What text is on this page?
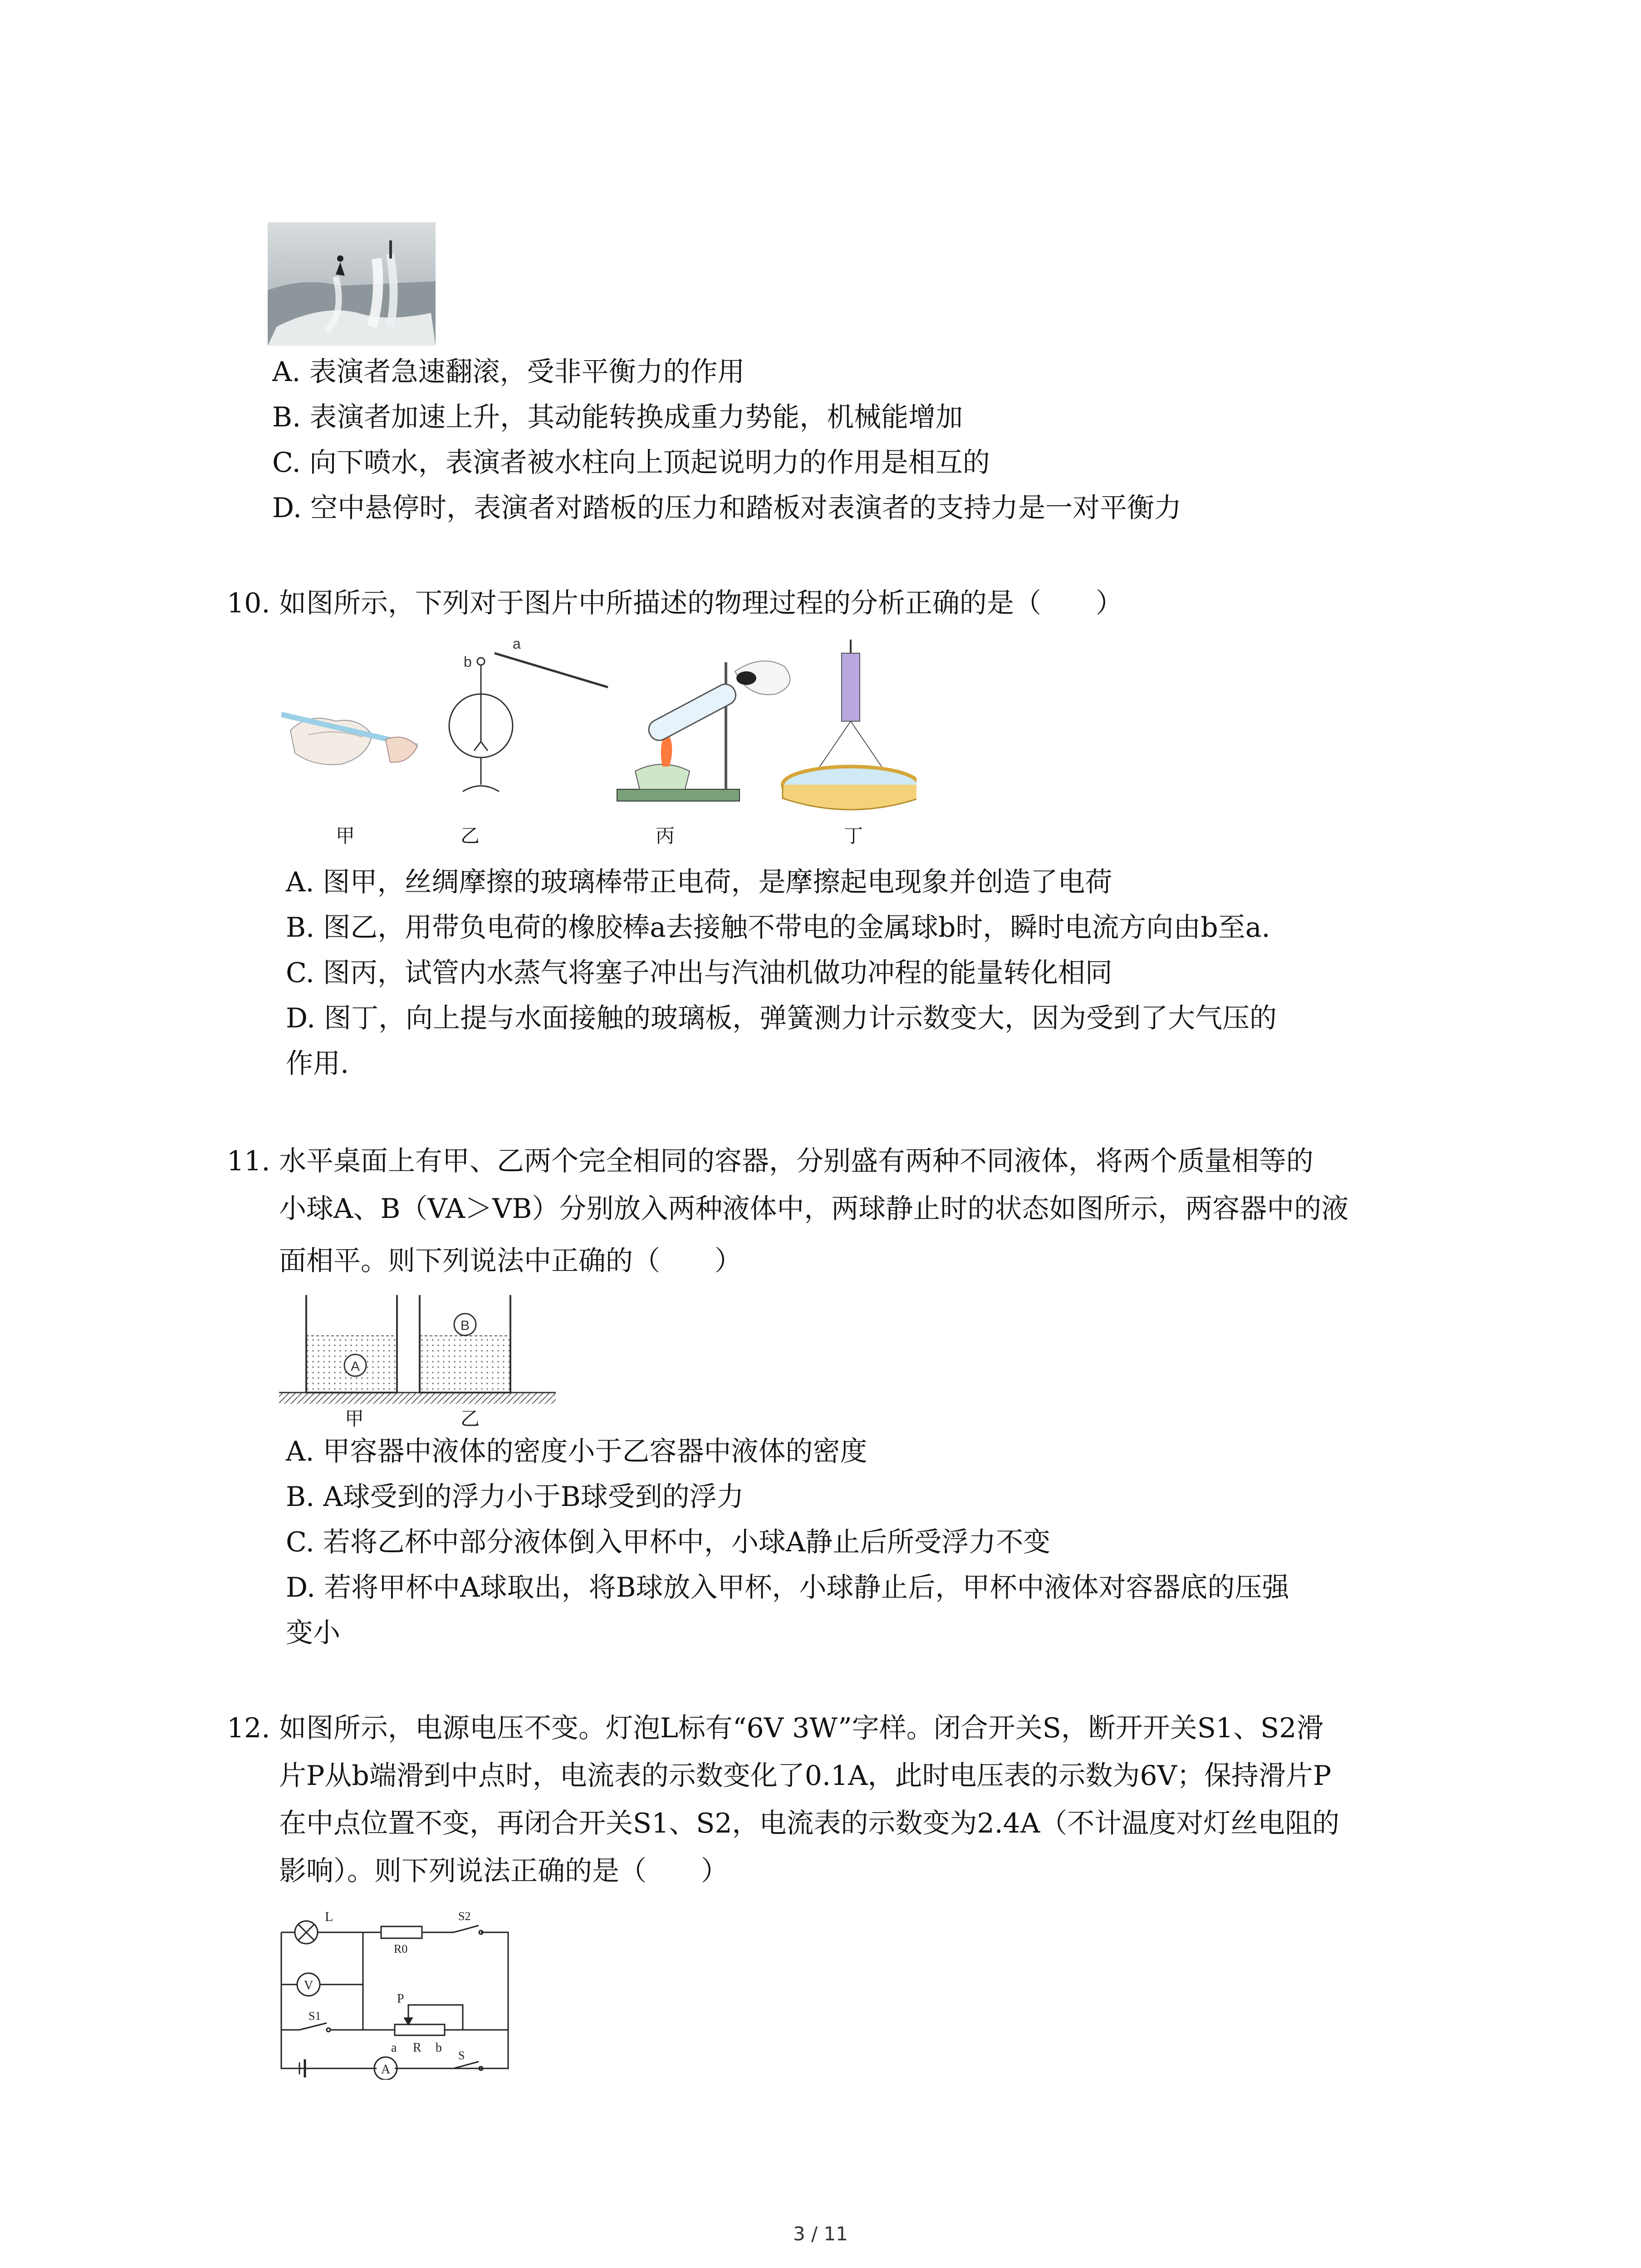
A. 表演者急速翻滚，受非平衡力的作用
B. 表演者加速上升，其动能转换成重力势能，机械能增加
C. 向下喷水，表演者被水柱向上顶起说明力的作用是相互的
D. 空中悬停时，表演者对踏板的压力和踏板对表演者的支持力是一对平衡力
10. 如图所示，下列对于图片中所描述的物理过程的分析正确的是（　　）
a
b
甲	乙	丙	丁
A. 图甲，丝绸摩擦的玻璃棒带正电荷，是摩擦起电现象并创造了电荷
B. 图乙，用带负电荷的橡胶棒a去接触不带电的金属球b时，瞬时电流方向由b至a.
C. 图丙，试管内水蒸气将塞子冲出与汽油机做功冲程的能量转化相同
D. 图丁，向上提与水面接触的玻璃板，弹簧测力计示数变大，因为受到了大气压的
作用.
11. 水平桌面上有甲、乙两个完全相同的容器，分别盛有两种不同液体，将两个质量相等的
小球A、B（VA＞VB）分别放入两种液体中，两球静止时的状态如图所示，两容器中的液
面相平。则下列说法中正确的（　　）
A
B
甲	乙
A. 甲容器中液体的密度小于乙容器中液体的密度
B. A球受到的浮力小于B球受到的浮力
C. 若将乙杯中部分液体倒入甲杯中，小球A静止后所受浮力不变
D. 若将甲杯中A球取出，将B球放入甲杯，小球静止后，甲杯中液体对容器底的压强
变小
12. 如图所示，电源电压不变。灯泡L标有“6V 3W”字样。闭合开关S，断开开关S1、S2滑
片P从b端滑到中点时，电流表的示数变化了0.1A，此时电压表的示数为6V；保持滑片P
在中点位置不变，再闭合开关S1、S2，电流表的示数变为2.4A（不计温度对灯丝电阻的
影响）。则下列说法正确的是（　　）
L
R0
S2
V
P
S1
a R b
A
S
3 / 11
